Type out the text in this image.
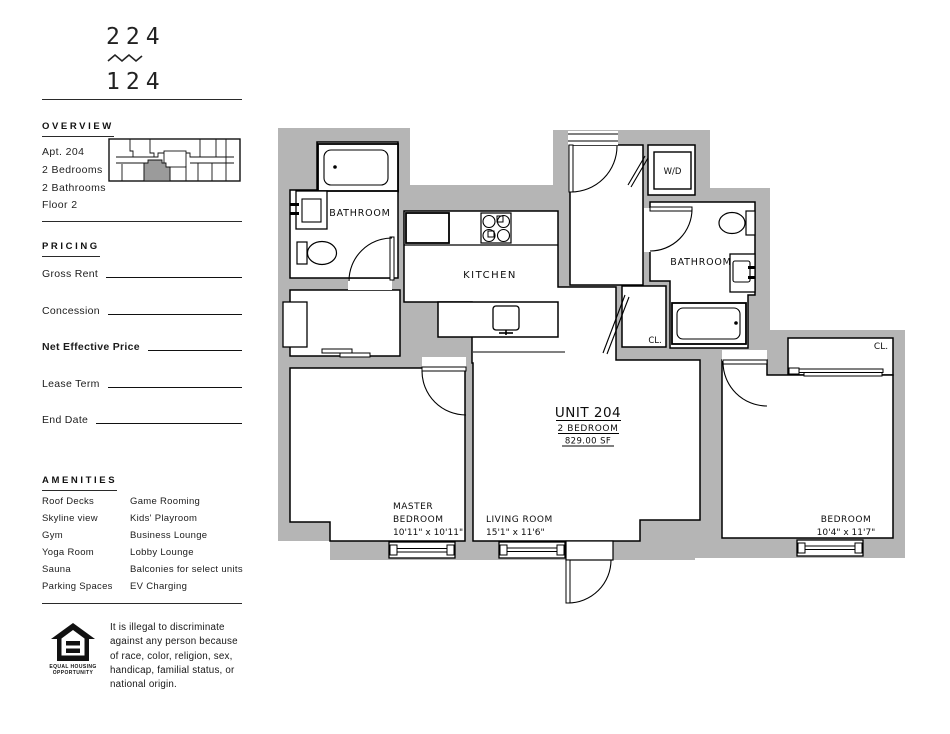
224
124
OVERVIEW
Apt. 204
2 Bedrooms
2 Bathrooms
Floor 2
PRICING
Gross Rent
Concession
Net Effective Price
Lease Term
End Date
AMENITIES
Roof Decks	Game Rooming
Skyline view	Kids' Playroom
Gym	Business Lounge
Yoga Room	Lobby Lounge
Sauna	Balconies for select units
Parking Spaces	EV Charging
EQUAL HOUSING
OPPORTUNITY
It is illegal to discriminate
against any person because
of race, color, religion, sex,
handicap, familial status, or
national origin.
BATHROOM
KITCHEN
BATHROOM
W/D
CL.
CL.
UNIT 204
2 BEDROOM
829.00 SF
MASTER
BEDROOM
10'11" x 10'11"
LIVING ROOM
15'1" x 11'6"
BEDROOM
10'4" x 11'7"
